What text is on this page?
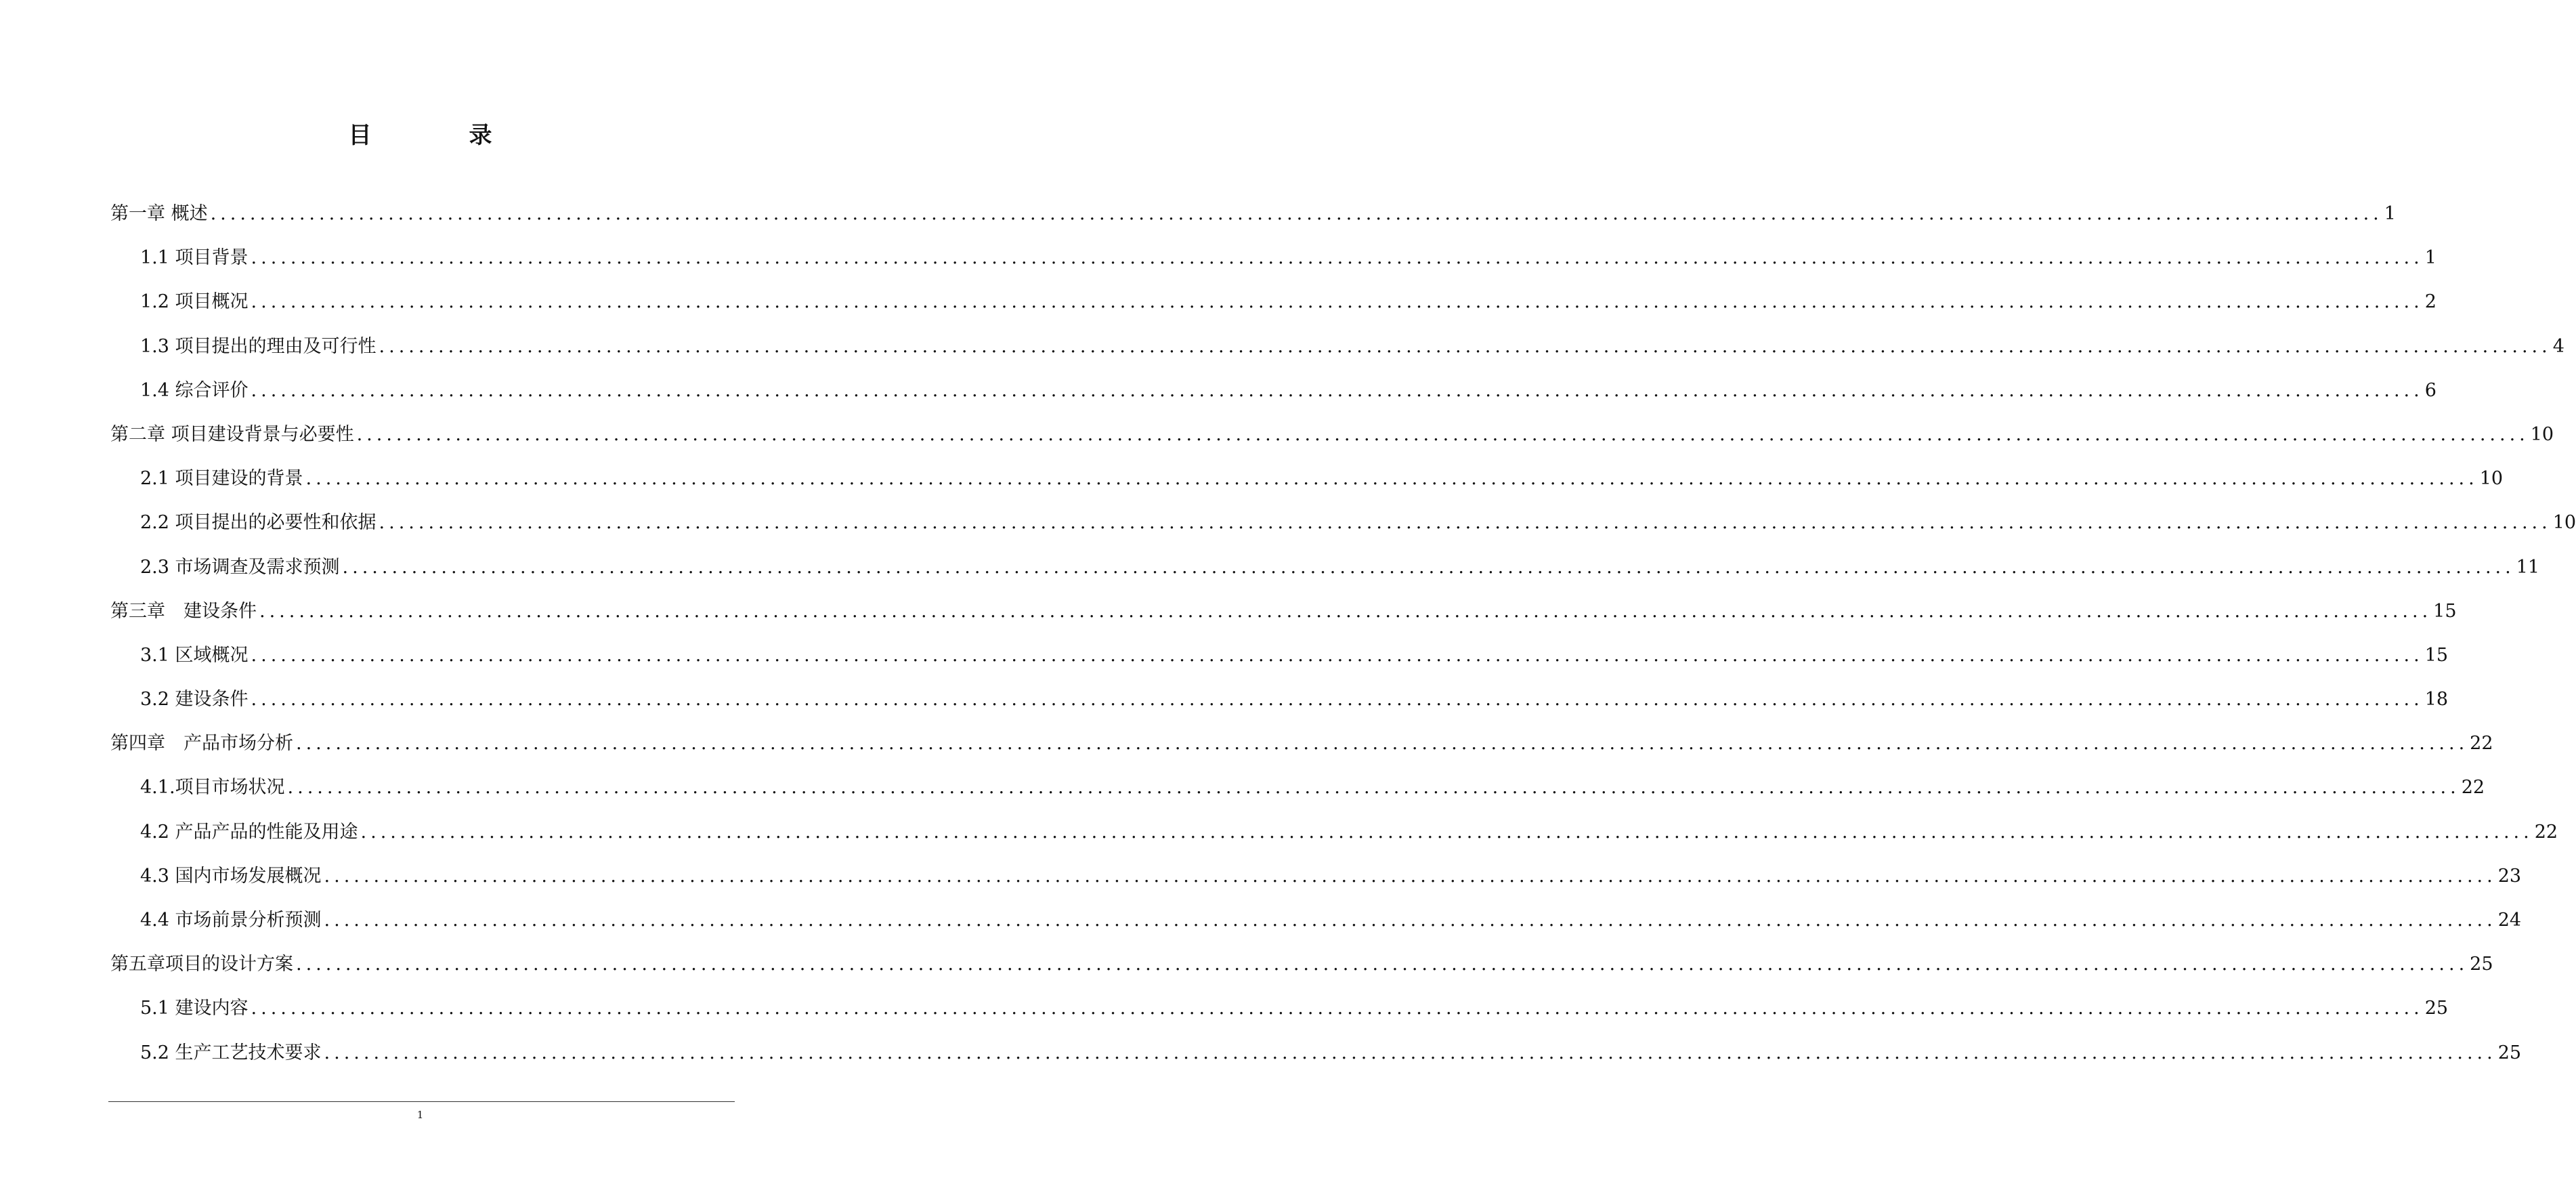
目　录
第一章 概述 ............................................................................................................................................................................................................................ 1
1.1 项目背景 ............................................................................................................................................................................................................................ 1
1.2 项目概况 ............................................................................................................................................................................................................................ 2
1.3 项目提出的理由及可行性 ............................................................................................................................................................................................................................ 4
1.4 综合评价 ............................................................................................................................................................................................................................ 6
第二章 项目建设背景与必要性 ............................................................................................................................................................................................................................ 10
2.1 项目建设的背景 ............................................................................................................................................................................................................................ 10
2.2 项目提出的必要性和依据 ............................................................................................................................................................................................................................ 10
2.3 市场调查及需求预测 ............................................................................................................................................................................................................................ 11
第三章　建设条件 ............................................................................................................................................................................................................................ 15
3.1 区域概况 ............................................................................................................................................................................................................................ 15
3.2 建设条件 ............................................................................................................................................................................................................................ 18
第四章　产品市场分析 ............................................................................................................................................................................................................................ 22
4.1.项目市场状况 ............................................................................................................................................................................................................................ 22
4.2 产品产品的性能及用途 ............................................................................................................................................................................................................................ 22
4.3 国内市场发展概况 ............................................................................................................................................................................................................................ 23
4.4 市场前景分析预测 ............................................................................................................................................................................................................................ 24
第五章项目的设计方案 ............................................................................................................................................................................................................................ 25
5.1 建设内容 ............................................................................................................................................................................................................................ 25
5.2 生产工艺技术要求 ............................................................................................................................................................................................................................ 25
1
